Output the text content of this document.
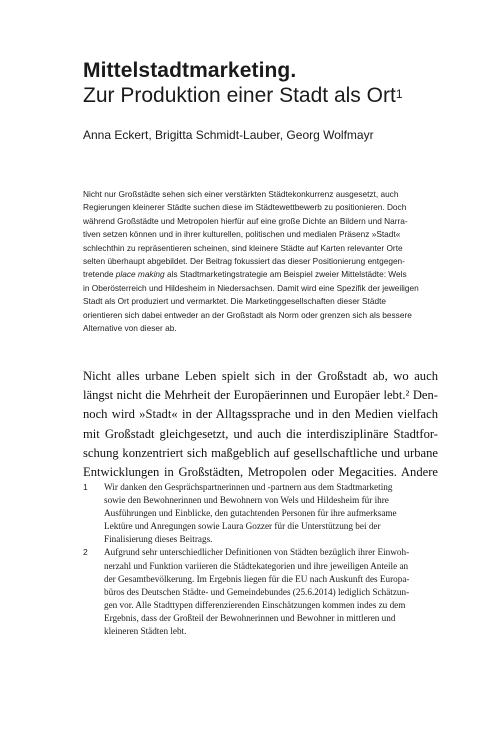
Mittelstadtmarketing.
Zur Produktion einer Stadt als Ort$^1$

Anna Eckert, Brigitta Schmidt-Lauber, Georg Wolfmayr

Nicht nur Großstädte sehen sich einer verstärkten Städtekonkurrenz ausgesetzt, auch
Regierungen kleinerer Städte suchen diese im Städtewettbewerb zu positionieren. Doch
während Großstädte und Metropolen hierfür auf eine große Dichte an Bildern und Narra-
tiven setzen können und in ihrer kulturellen, politischen und medialen Präsenz »Stadt«
schlechthin zu repräsentieren scheinen, sind kleinere Städte auf Karten relevanter Orte
selten überhaupt abgebildet. Der Beitrag fokussiert das dieser Positionierung entgegen-
tretende place making als Stadtmarketingstrategie am Beispiel zweier Mittelstädte: Wels
in Oberösterreich und Hildesheim in Niedersachsen. Damit wird eine Spezifik der jeweiligen
Stadt als Ort produziert und vermarktet. Die Marketinggesellschaften dieser Städte
orientieren sich dabei entweder an der Großstadt als Norm oder grenzen sich als bessere
Alternative von dieser ab.
Nicht alles urbane Leben spielt sich in der Großstadt ab, wo auch
längst nicht die Mehrheit der Europäerinnen und Europäer lebt.² Den-
noch wird »Stadt« in der Alltagssprache und in den Medien vielfach
mit Großstadt gleichgesetzt, und auch die interdisziplinäre Stadtfor-
schung konzentriert sich maßgeblich auf gesellschaftliche und urbane
Entwicklungen in Großstädten, Metropolen oder Megacities. Andere
1 Wir danken den Gesprächspartnerinnen und -partnern aus dem Stadtmarketing
sowie den Bewohnerinnen und Bewohnern von Wels und Hildesheim für ihre
Ausführungen und Einblicke, den gutachtenden Personen für ihre aufmerksame
Lektüre und Anregungen sowie Laura Gozzer für die Unterstützung bei der
Finalisierung dieses Beitrags.
2 Aufgrund sehr unterschiedlicher Definitionen von Städten bezüglich ihrer Einwoh-
nerzahl und Funktion variieren die Städtekategorien und ihre jeweiligen Anteile an
der Gesamtbevölkerung. Im Ergebnis liegen für die EU nach Auskunft des Europa-
büros des Deutschen Städte- und Gemeindebundes (25.6.2014) lediglich Schätzun-
gen vor. Alle Stadttypen differenzierenden Einschätzungen kommen indes zu dem
Ergebnis, dass der Großteil der Bewohnerinnen und Bewohner in mittleren und
kleineren Städten lebt.
